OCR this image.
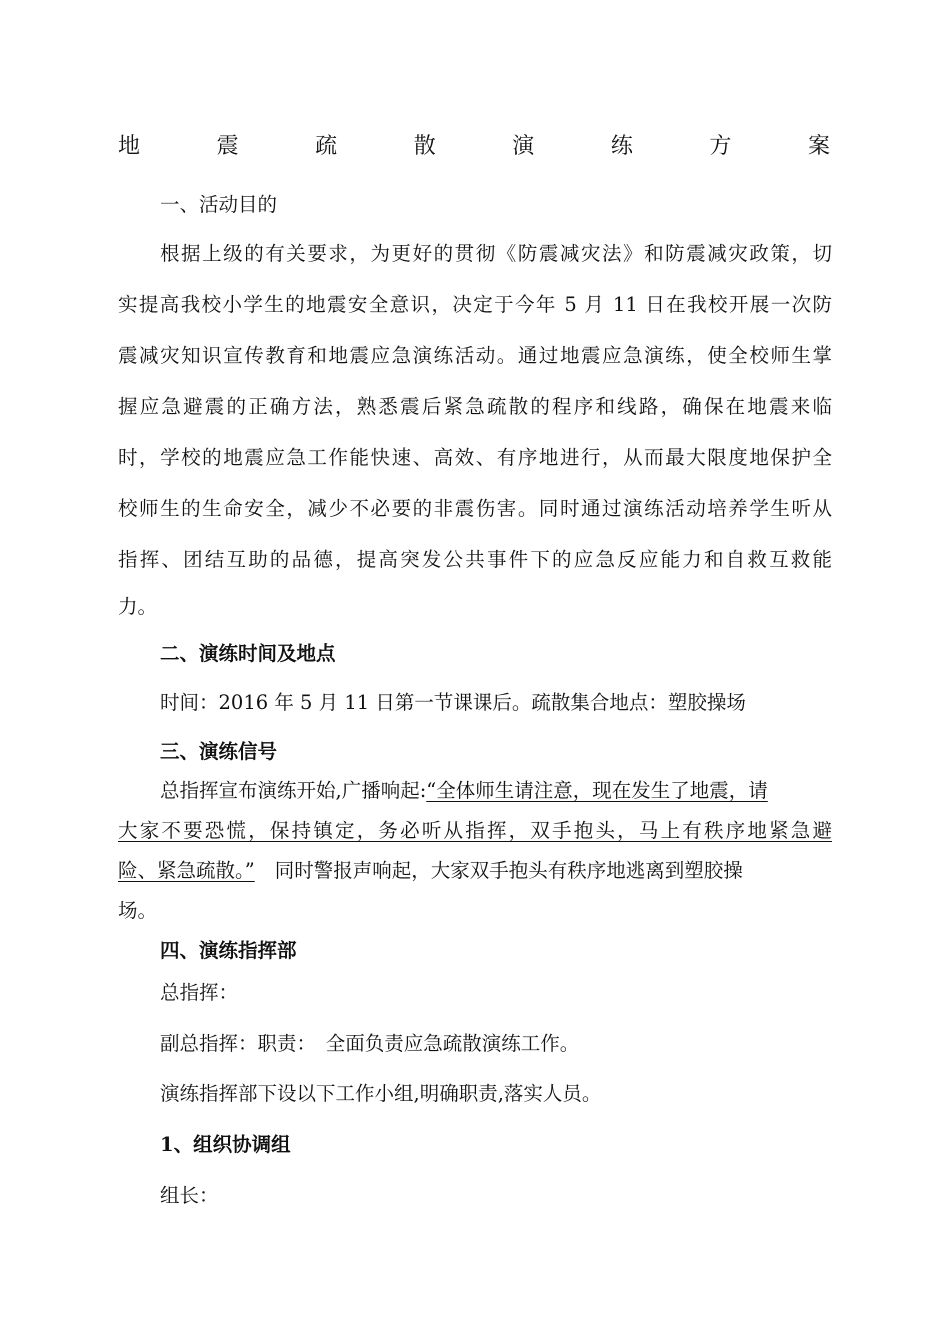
地	震	疏	散	演	练	方	案
一、活动目的
根据上级的有关要求，为更好的贯彻《防震减灾法》和防震减灾政策，切
实提高我校小学生的地震安全意识，决定于今年 5 月 11 日在我校开展一次防
震减灾知识宣传教育和地震应急演练活动。通过地震应急演练，使全校师生掌
握应急避震的正确方法，熟悉震后紧急疏散的程序和线路，确保在地震来临
时，学校的地震应急工作能快速、高效、有序地进行，从而最大限度地保护全
校师生的生命安全，减少不必要的非震伤害。同时通过演练活动培养学生听从
指挥、团结互助的品德，提高突发公共事件下的应急反应能力和自救互救能
力。
二、演练时间及地点
时间：2016 年 5 月 11 日第一节课课后。疏散集合地点：塑胶操场
三、演练信号
总指挥宣布演练开始,广播响起:“全体师生请注意，现在发生了地震，请
大家不要恐慌，保持镇定，务必听从指挥，双手抱头，马上有秩序地紧急避
险、紧急疏散。” 同时警报声响起，大家双手抱头有秩序地逃离到塑胶操
场。
四、演练指挥部
总指挥：
副总指挥：职责：　全面负责应急疏散演练工作。
演练指挥部下设以下工作小组,明确职责,落实人员。
1、组织协调组
组长：
